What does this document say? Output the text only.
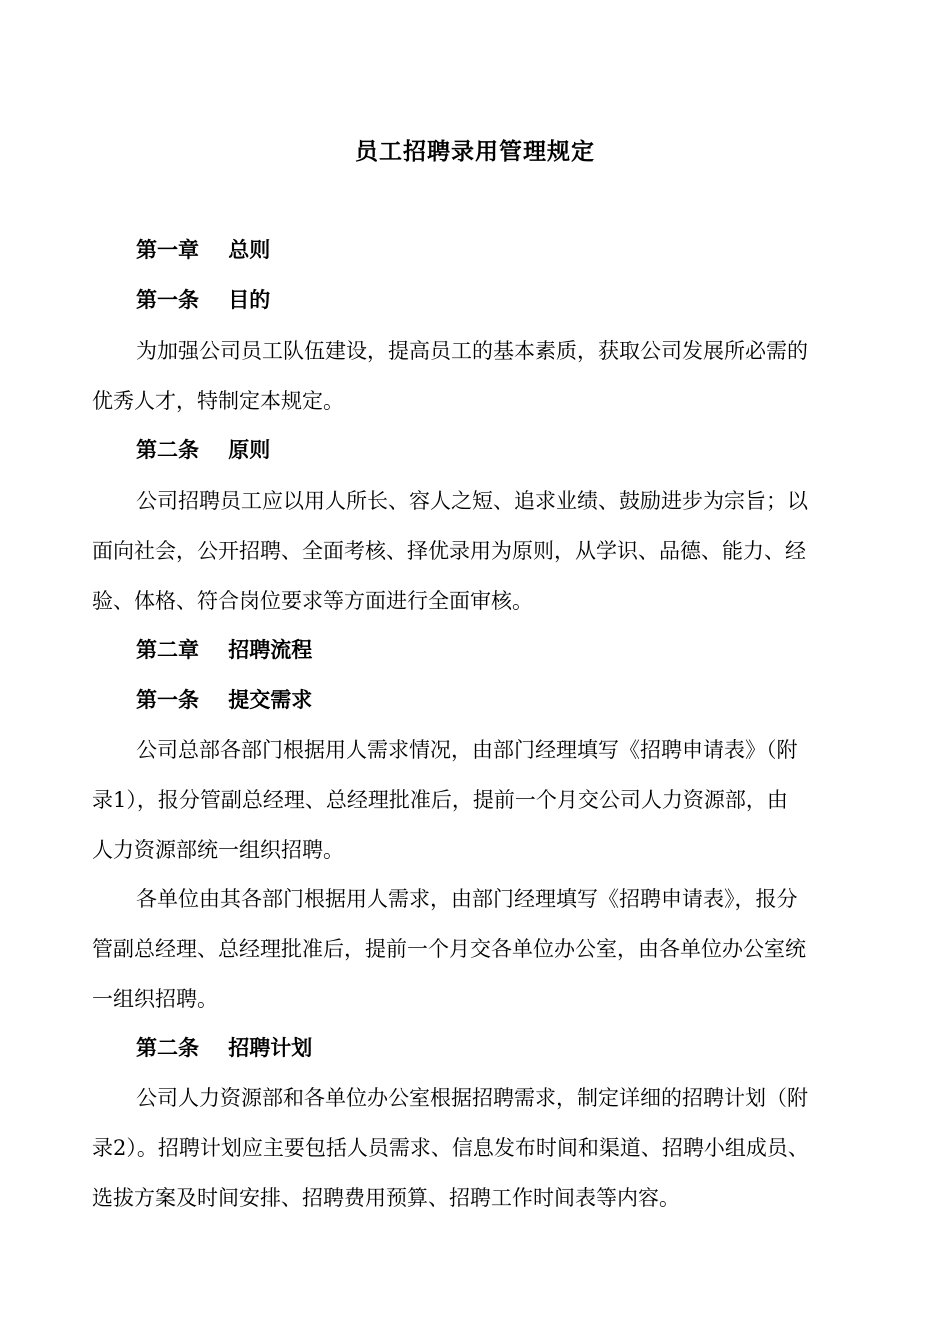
员工招聘录用管理规定
第一章    总则
第一条    目的
为加强公司员工队伍建设，提高员工的基本素质，获取公司发展所必需的
优秀人才，特制定本规定。
第二条    原则
公司招聘员工应以用人所长、容人之短、追求业绩、鼓励进步为宗旨；以
面向社会，公开招聘、全面考核、择优录用为原则，从学识、品德、能力、经
验、体格、符合岗位要求等方面进行全面审核。
第二章    招聘流程
第一条    提交需求
公司总部各部门根据用人需求情况，由部门经理填写《招聘申请表》（附
录1），报分管副总经理、总经理批准后，提前一个月交公司人力资源部，由
人力资源部统一组织招聘。
各单位由其各部门根据用人需求，由部门经理填写《招聘申请表》，报分
管副总经理、总经理批准后，提前一个月交各单位办公室，由各单位办公室统
一组织招聘。
第二条    招聘计划
公司人力资源部和各单位办公室根据招聘需求，制定详细的招聘计划（附
录2）。招聘计划应主要包括人员需求、信息发布时间和渠道、招聘小组成员、
选拔方案及时间安排、招聘费用预算、招聘工作时间表等内容。
